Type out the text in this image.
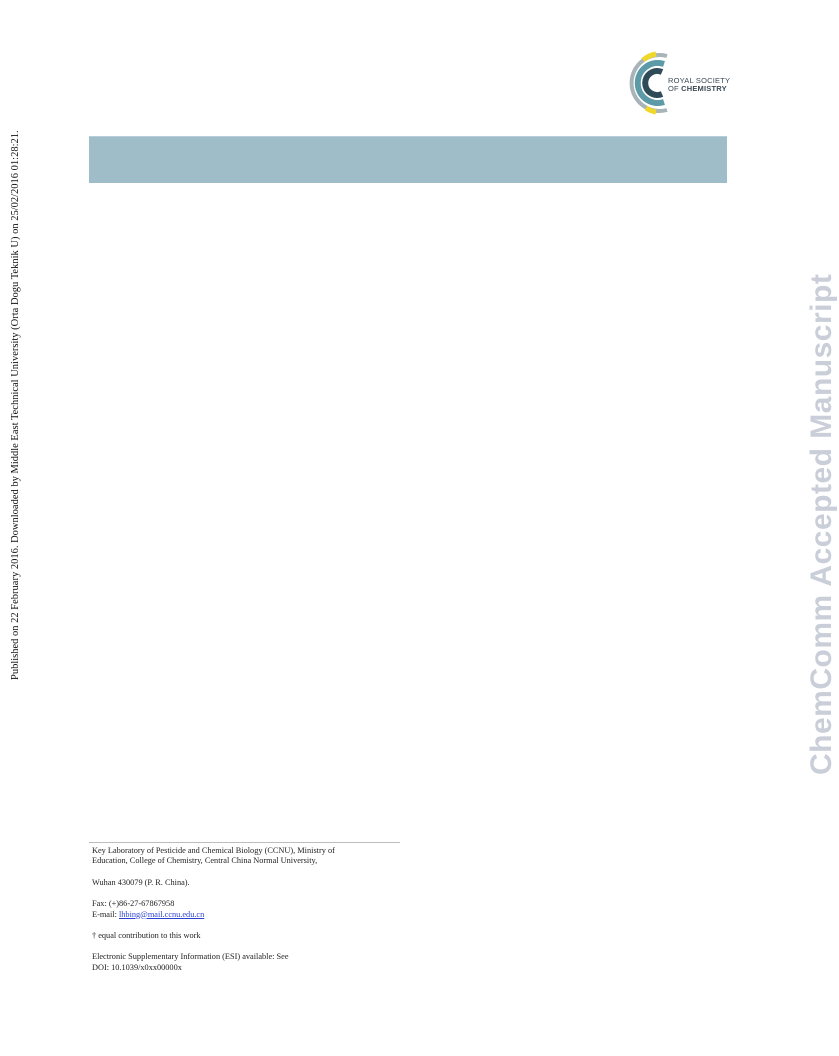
Published on 22 February 2016. Downloaded by Middle East Technical University (Orta Dogu Teknik U) on 25/02/2016 01:28:21.	ChemComm Accepted Manuscript
ROYAL SOCIETY
OF CHEMISTRY

Key Laboratory of Pesticide and Chemical Biology (CCNU), Ministry of

Education, College of Chemistry, Central China Normal University,

Wuhan 430079 (P. R. China).

Fax: (+)86-27-67867958

E-mail: lhbing@mail.ccnu.edu.cn

† equal contribution to this work

Electronic Supplementary Information (ESI) available: See

DOI: 10.1039/x0xx00000x
